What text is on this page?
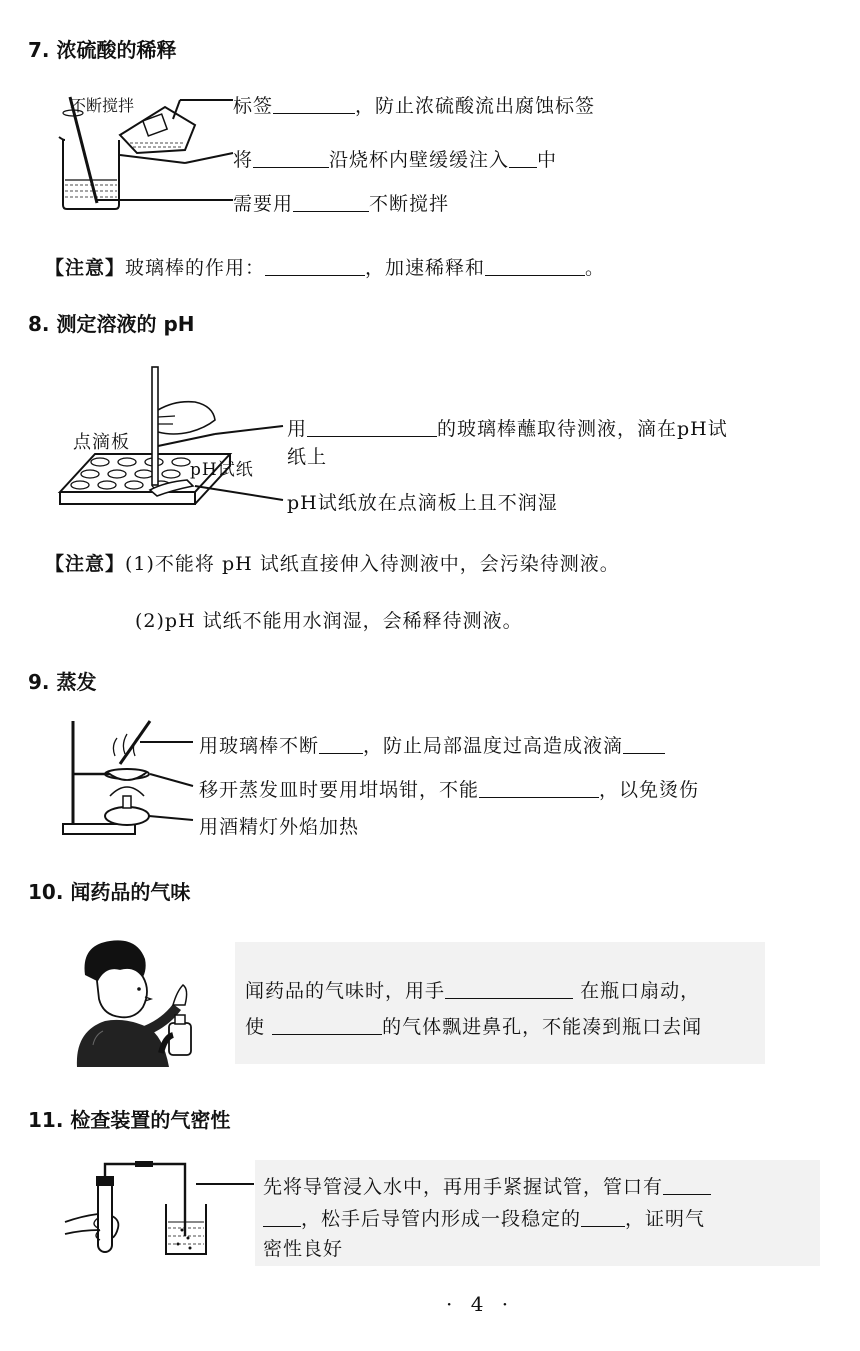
7. 浓硫酸的稀释
不断搅拌	标签	，防止浓硫酸流出腐蚀标签
将	沿烧杯内壁缓缓注入 中
需要用	不断搅拌
【注意】玻璃棒的作用：	，加速稀释和	。
8. 测定溶液的 pH
点滴板
pH试纸
用	的玻璃棒蘸取待测液，滴在pH试
纸上
pH试纸放在点滴板上且不润湿
【注意】(1)不能将 pH 试纸直接伸入待测液中，会污染待测液。
(2)pH 试纸不能用水润湿，会稀释待测液。
9. 蒸发
用玻璃棒不断 ，防止局部温度过高造成液滴
移开蒸发皿时要用坩埚钳，不能	，以免烫伤
用酒精灯外焰加热
10. 闻药品的气味
闻药品的气味时，用手	在瓶口扇动，
使	的气体飘进鼻孔，不能凑到瓶口去闻
11. 检查装置的气密性
先将导管浸入水中，再用手紧握试管，管口有
，松手后导管内形成一段稳定的 ，证明气
密性良好
· 4 ·
